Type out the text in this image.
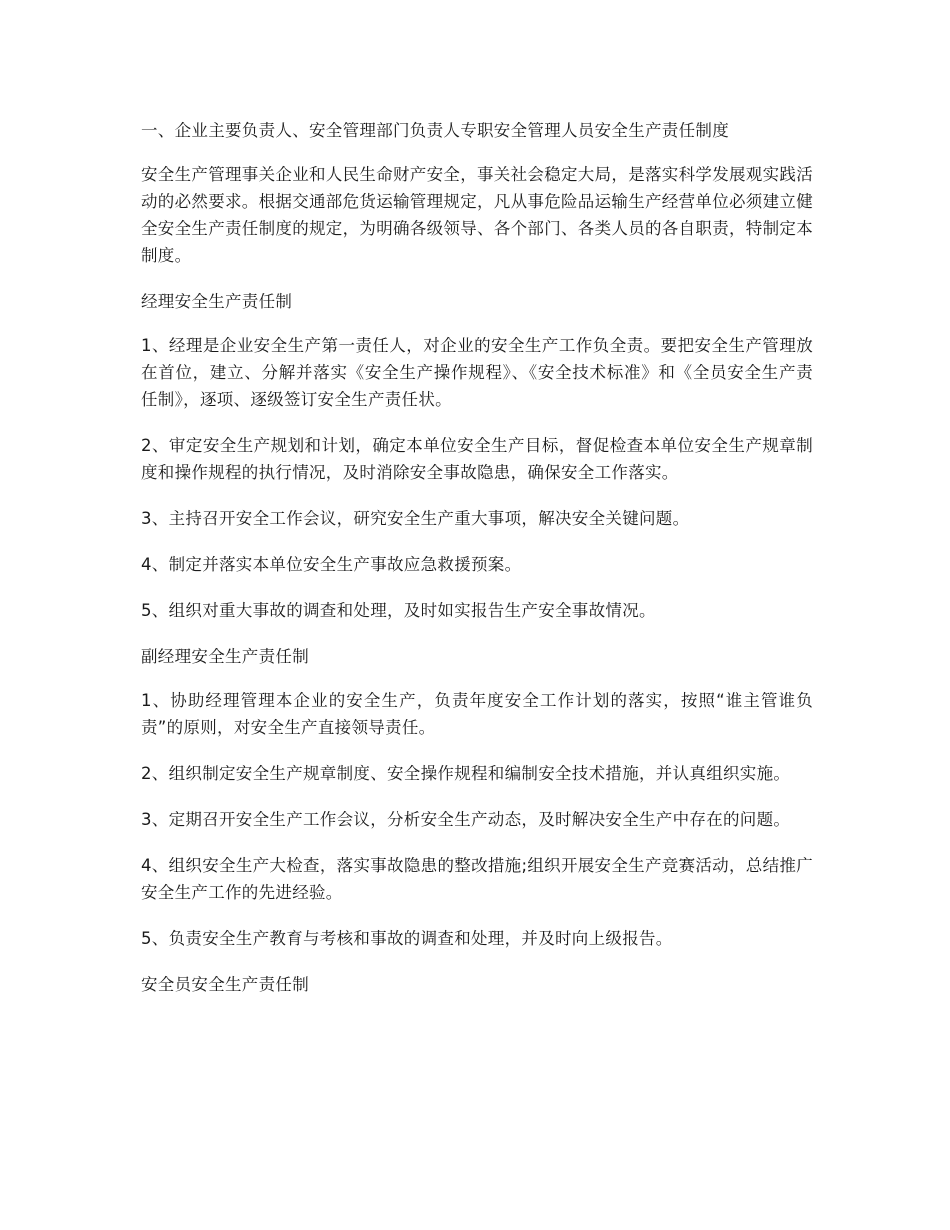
一、企业主要负责人、安全管理部门负责人专职安全管理人员安全生产责任制度

安全生产管理事关企业和人民生命财产安全，事关社会稳定大局，是落实科学发展观实践活动的必然要求。根据交通部危货运输管理规定，凡从事危险品运输生产经营单位必须建立健全安全生产责任制度的规定，为明确各级领导、各个部门、各类人员的各自职责，特制定本制度。

经理安全生产责任制

1、经理是企业安全生产第一责任人，对企业的安全生产工作负全责。要把安全生产管理放在首位，建立、分解并落实《安全生产操作规程》、《安全技术标准》和《全员安全生产责任制》，逐项、逐级签订安全生产责任状。

2、审定安全生产规划和计划，确定本单位安全生产目标，督促检查本单位安全生产规章制度和操作规程的执行情况，及时消除安全事故隐患，确保安全工作落实。

3、主持召开安全工作会议，研究安全生产重大事项，解决安全关键问题。

4、制定并落实本单位安全生产事故应急救援预案。

5、组织对重大事故的调查和处理，及时如实报告生产安全事故情况。

副经理安全生产责任制

1、协助经理管理本企业的安全生产，负责年度安全工作计划的落实，按照“谁主管谁负责”的原则，对安全生产直接领导责任。

2、组织制定安全生产规章制度、安全操作规程和编制安全技术措施，并认真组织实施。

3、定期召开安全生产工作会议，分析安全生产动态，及时解决安全生产中存在的问题。

4、组织安全生产大检查，落实事故隐患的整改措施;组织开展安全生产竞赛活动，总结推广安全生产工作的先进经验。

5、负责安全生产教育与考核和事故的调查和处理，并及时向上级报告。

安全员安全生产责任制
